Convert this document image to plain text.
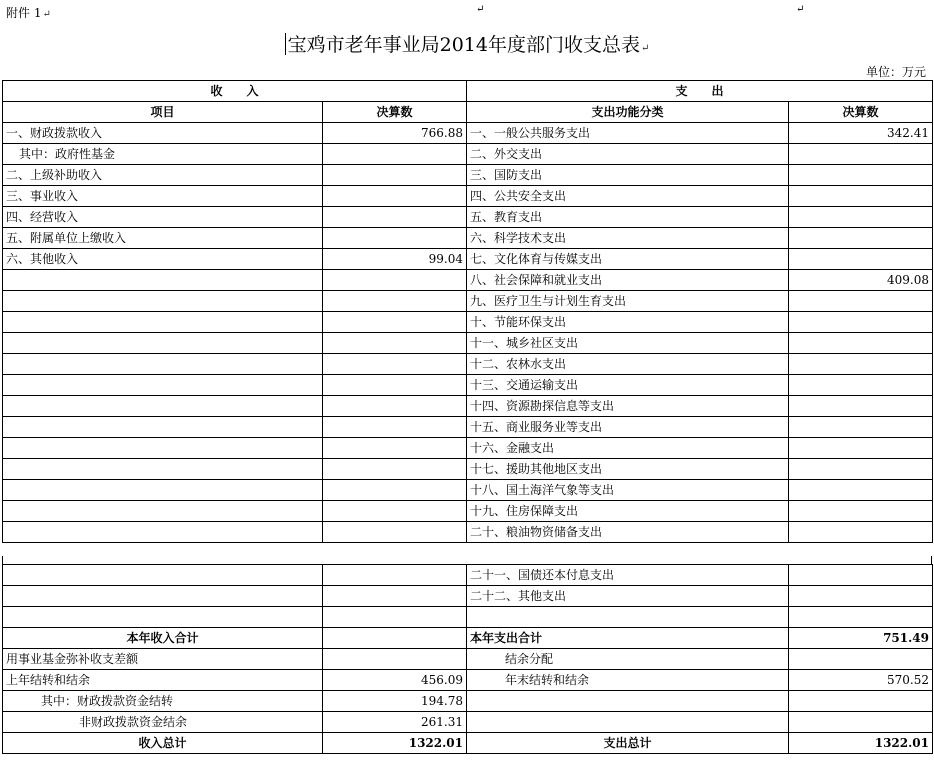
附件 1↵	↵	↵
宝鸡市老年事业局2014年度部门收支总表↵
单位：万元
收　　入		支　　出	
项目	决算数	支出功能分类	决算数
一、财政拨款收入	766.88	一、一般公共服务支出	342.41
其中：政府性基金		二、外交支出	
二、上级补助收入		三、国防支出	
三、事业收入		四、公共安全支出	
四、经营收入		五、教育支出	
五、附属单位上缴收入		六、科学技术支出	
六、其他收入	99.04	七、文化体育与传媒支出	
		八、社会保障和就业支出	409.08
		九、医疗卫生与计划生育支出	
		十、节能环保支出	
		十一、城乡社区支出	
		十二、农林水支出	
		十三、交通运输支出	
		十四、资源勘探信息等支出	
		十五、商业服务业等支出	
		十六、金融支出	
		十七、援助其他地区支出	
		十八、国土海洋气象等支出	
		十九、住房保障支出	
		二十、粮油物资储备支出	
		二十一、国债还本付息支出	
		二十二、其他支出	

本年收入合计		本年支出合计	751.49
用事业基金弥补收支差额		结余分配	
上年结转和结余	456.09	年末结转和结余	570.52
其中：财政拨款资金结转	194.78		
非财政拨款资金结余	261.31		
收入总计	1322.01	支出总计	1322.01
